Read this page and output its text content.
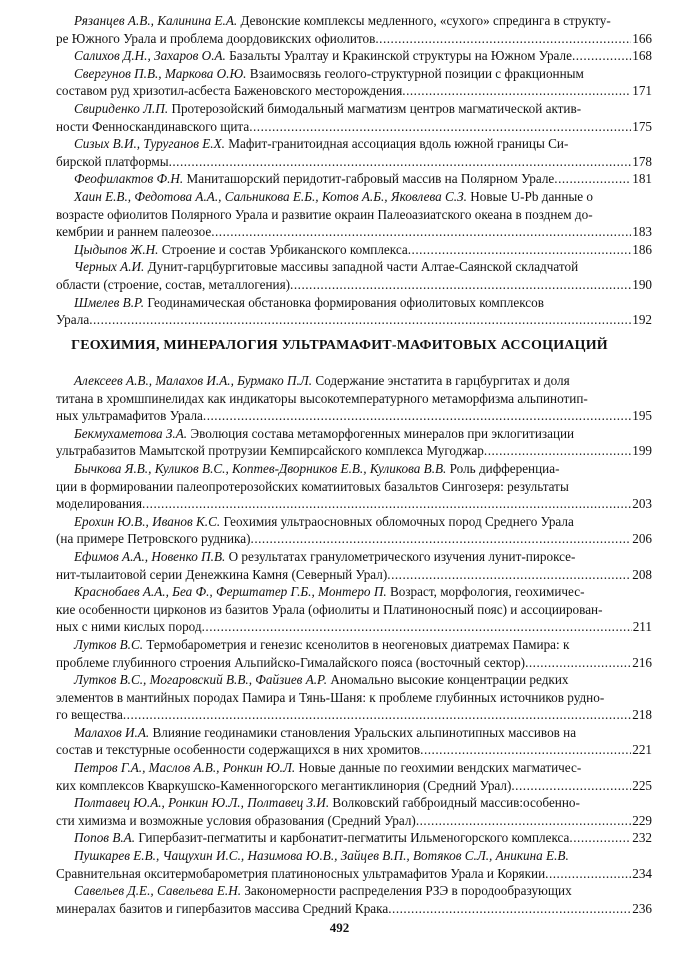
Рязанцев А.В., Калинина Е.А. Девонские комплексы медленного, «сухого» спрединга в структу-
ре Южного Урала и проблема доордовикских офиолитов .....	166
Салихов Д.Н., Захаров О.А. Базальты Уралтау и Кракинской структуры на Южном Урале .....	168
Свергунов П.В., Маркова О.Ю. Взаимосвязь геолого-структурной позиции с фракционным
составом руд хризотил-асбеста Баженовского месторождения .....	171
Свириденко Л.П. Протерозойский бимодальный магматизм центров магматической актив-
ности Фенноскандинавского щита .....	175
Сизых В.И., Туруганов Е.Х. Мафит-гранитоидная ассоциация вдоль южной границы Си-
бирской платформы .....	178
Феофилактов Ф.Н. Маниташорский перидотит-габровый массив на Полярном Урале .....	181
Хаин Е.В., Федотова А.А., Сальникова Е.Б., Котов А.Б., Яковлева С.З. Новые U-Pb данные о
возрасте офиолитов Полярного Урала и развитие окраин Палеоазиатского океана в позднем до-
кембрии и раннем палеозое .....	183
Цыдыпов Ж.Н. Строение и состав Урбиканского комплекса .....	186
Черных А.И. Дунит-гарцбургитовые массивы западной части Алтае-Саянской складчатой
области (строение, состав, металлогения) .....	190
Шмелев В.Р. Геодинамическая обстановка формирования офиолитовых комплексов
Урала .....	192
ГЕОХИМИЯ, МИНЕРАЛОГИЯ УЛЬТРАМАФИТ-МАФИТОВЫХ АССОЦИАЦИЙ
Алексеев А.В., Малахов И.А., Бурмако П.Л. Содержание энстатита в гарцбургитах и доля
титана в хромшпинелидах как индикаторы высокотемпературного метаморфизма альпинотип-
ных ультрамафитов Урала .....	195
Бекмухаметова З.А. Эволюция состава метаморфогенных минералов при эклогитизации
ультрабазитов Мамытской протрузии Кемпирсайского комплекса Мугоджар .....	199
Бычкова Я.В., Куликов В.С., Коптев-Дворников Е.В., Куликова В.В. Роль дифференциа-
ции в формировании палеопротерозойских коматиитовых базальтов Сингозеря: результаты
моделирования .....	203
Ерохин Ю.В., Иванов К.С. Геохимия ультраосновных обломочных пород Среднего Урала
(на примере Петровского рудника) .....	206
Ефимов А.А., Новенко П.В. О результатах гранулометрического изучения лунит-пироксе-
нит-тылаитовой серии Денежкина Камня (Северный Урал) .....	208
Краснобаев А.А., Беа Ф., Ферштатер Г.Б., Монтеро П. Возраст, морфология, геохимичес-
кие особенности цирконов из базитов Урала (офиолиты и Платиноносный пояс) и ассоциирован-
ных с ними кислых пород .....	211
Лутков В.С. Термобарометрия и генезис ксенолитов в неогеновых диатремах Памира: к
проблеме глубинного строения Альпийско-Гималайского пояса (восточный сектор) .....	216
Лутков В.С., Могаровский В.В., Файзиев А.Р. Аномально высокие концентрации редких
элементов в мантийных породах Памира и Тянь-Шаня: к проблеме глубинных источников рудно-
го вещества .....	218
Малахов И.А. Влияние геодинамики становления Уральских альпинотипных массивов на
состав и текстурные особенности содержащихся в них хромитов .....	221
Петров Г.А., Маслов А.В., Ронкин Ю.Л. Новые данные по геохимии вендских магматичес-
ких комплексов Кваркушско-Каменногорского мегантиклинория (Средний Урал) .....	225
Полтавец Ю.А., Ронкин Ю.Л., Полтавец З.И. Волковский габброидный массив:особенно-
сти химизма и возможные условия образования (Средний Урал) .....	229
Попов В.А. Гипербазит-пегматиты и карбонатит-пегматиты Ильменогорского комплекса .....	232
Пушкарев Е.В., Чащухин И.С., Назимова Ю.В., Зайцев В.П., Вотяков С.Л., Аникина Е.В.
Сравнительная окситермобарометрия платиноносных ультрамафитов Урала и Корякии .....	234
Савельев Д.Е., Савельева Е.Н. Закономерности распределения РЗЭ в породообразующих
минералах базитов и гипербазитов массива Средний Крака .....	236
492
